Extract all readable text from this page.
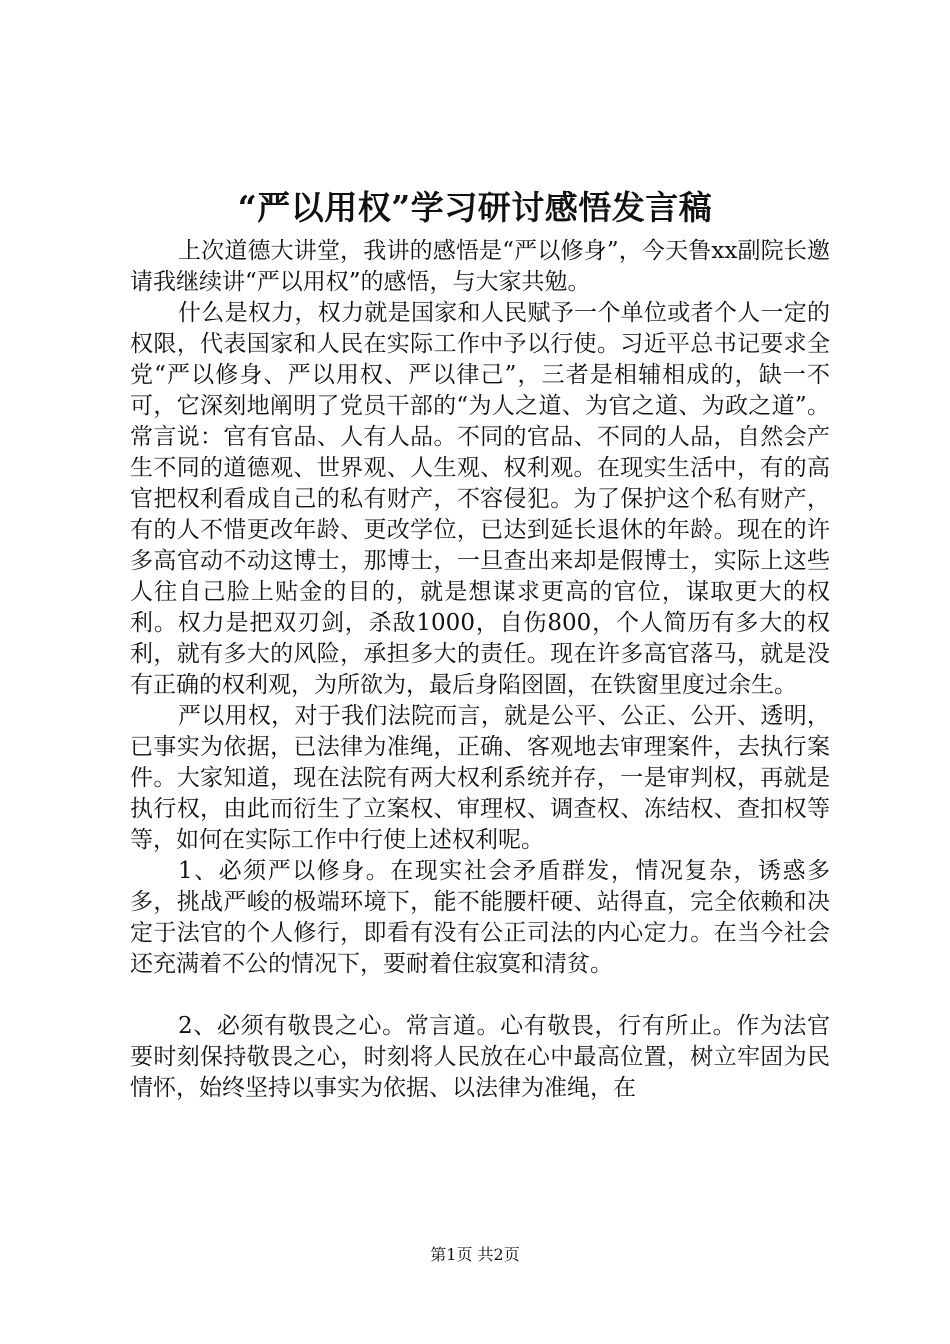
“严以用权”学习研讨感悟发言稿

上次道德大讲堂，我讲的感悟是“严以修身”，今天鲁xx副院长邀请我继续讲“严以用权”的感悟，与大家共勉。

什么是权力，权力就是国家和人民赋予一个单位或者个人一定的权限，代表国家和人民在实际工作中予以行使。习近平总书记要求全党“严以修身、严以用权、严以律己”，三者是相辅相成的，缺一不可，它深刻地阐明了党员干部的“为人之道、为官之道、为政之道”。常言说：官有官品、人有人品。不同的官品、不同的人品，自然会产生不同的道德观、世界观、人生观、权利观。在现实生活中，有的高官把权利看成自己的私有财产，不容侵犯。为了保护这个私有财产，有的人不惜更改年龄、更改学位，已达到延长退休的年龄。现在的许多高官动不动这博士，那博士，一旦查出来却是假博士，实际上这些人往自己脸上贴金的目的，就是想谋求更高的官位，谋取更大的权利。权力是把双刃剑，杀敌1000，自伤800，个人简历有多大的权利，就有多大的风险，承担多大的责任。现在许多高官落马，就是没有正确的权利观，为所欲为，最后身陷囹圄，在铁窗里度过余生。

严以用权，对于我们法院而言，就是公平、公正、公开、透明，已事实为依据，已法律为准绳，正确、客观地去审理案件，去执行案件。大家知道，现在法院有两大权利系统并存，一是审判权，再就是执行权，由此而衍生了立案权、审理权、调查权、冻结权、查扣权等等，如何在实际工作中行使上述权利呢。

1、必须严以修身。在现实社会矛盾群发，情况复杂，诱惑多多，挑战严峻的极端环境下，能不能腰杆硬、站得直，完全依赖和决定于法官的个人修行，即看有没有公正司法的内心定力。在当今社会还充满着不公的情况下，要耐着住寂寞和清贫。

2、必须有敬畏之心。常言道。心有敬畏，行有所止。作为法官要时刻保持敬畏之心，时刻将人民放在心中最高位置，树立牢固为民情怀，始终坚持以事实为依据、以法律为准绳，在

第1页 共2页
